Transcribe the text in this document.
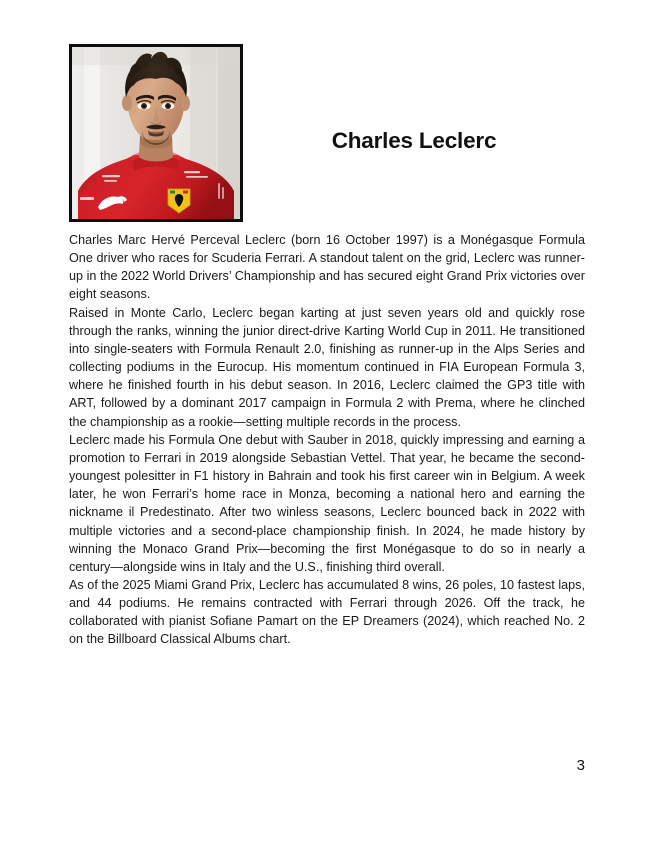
Charles Leclerc

Charles Marc Hervé Perceval Leclerc (born 16 October 1997) is a Monégasque Formula One driver who races for Scuderia Ferrari. A standout talent on the grid, Leclerc was runner-up in the 2022 World Drivers’ Championship and has secured eight Grand Prix victories over eight seasons.

Raised in Monte Carlo, Leclerc began karting at just seven years old and quickly rose through the ranks, winning the junior direct-drive Karting World Cup in 2011. He transitioned into single-seaters with Formula Renault 2.0, finishing as runner-up in the Alps Series and collecting podiums in the Eurocup. His momentum continued in FIA European Formula 3, where he finished fourth in his debut season. In 2016, Leclerc claimed the GP3 title with ART, followed by a dominant 2017 campaign in Formula 2 with Prema, where he clinched the championship as a rookie—setting multiple records in the process.

Leclerc made his Formula One debut with Sauber in 2018, quickly impressing and earning a promotion to Ferrari in 2019 alongside Sebastian Vettel. That year, he became the second-youngest polesitter in F1 history in Bahrain and took his first career win in Belgium. A week later, he won Ferrari’s home race in Monza, becoming a national hero and earning the nickname il Predestinato. After two winless seasons, Leclerc bounced back in 2022 with multiple victories and a second-place championship finish. In 2024, he made history by winning the Monaco Grand Prix—becoming the first Monégasque to do so in nearly a century—alongside wins in Italy and the U.S., finishing third overall.

As of the 2025 Miami Grand Prix, Leclerc has accumulated 8 wins, 26 poles, 10 fastest laps, and 44 podiums. He remains contracted with Ferrari through 2026. Off the track, he collaborated with pianist Sofiane Pamart on the EP Dreamers (2024), which reached No. 2 on the Billboard Classical Albums chart.

3
